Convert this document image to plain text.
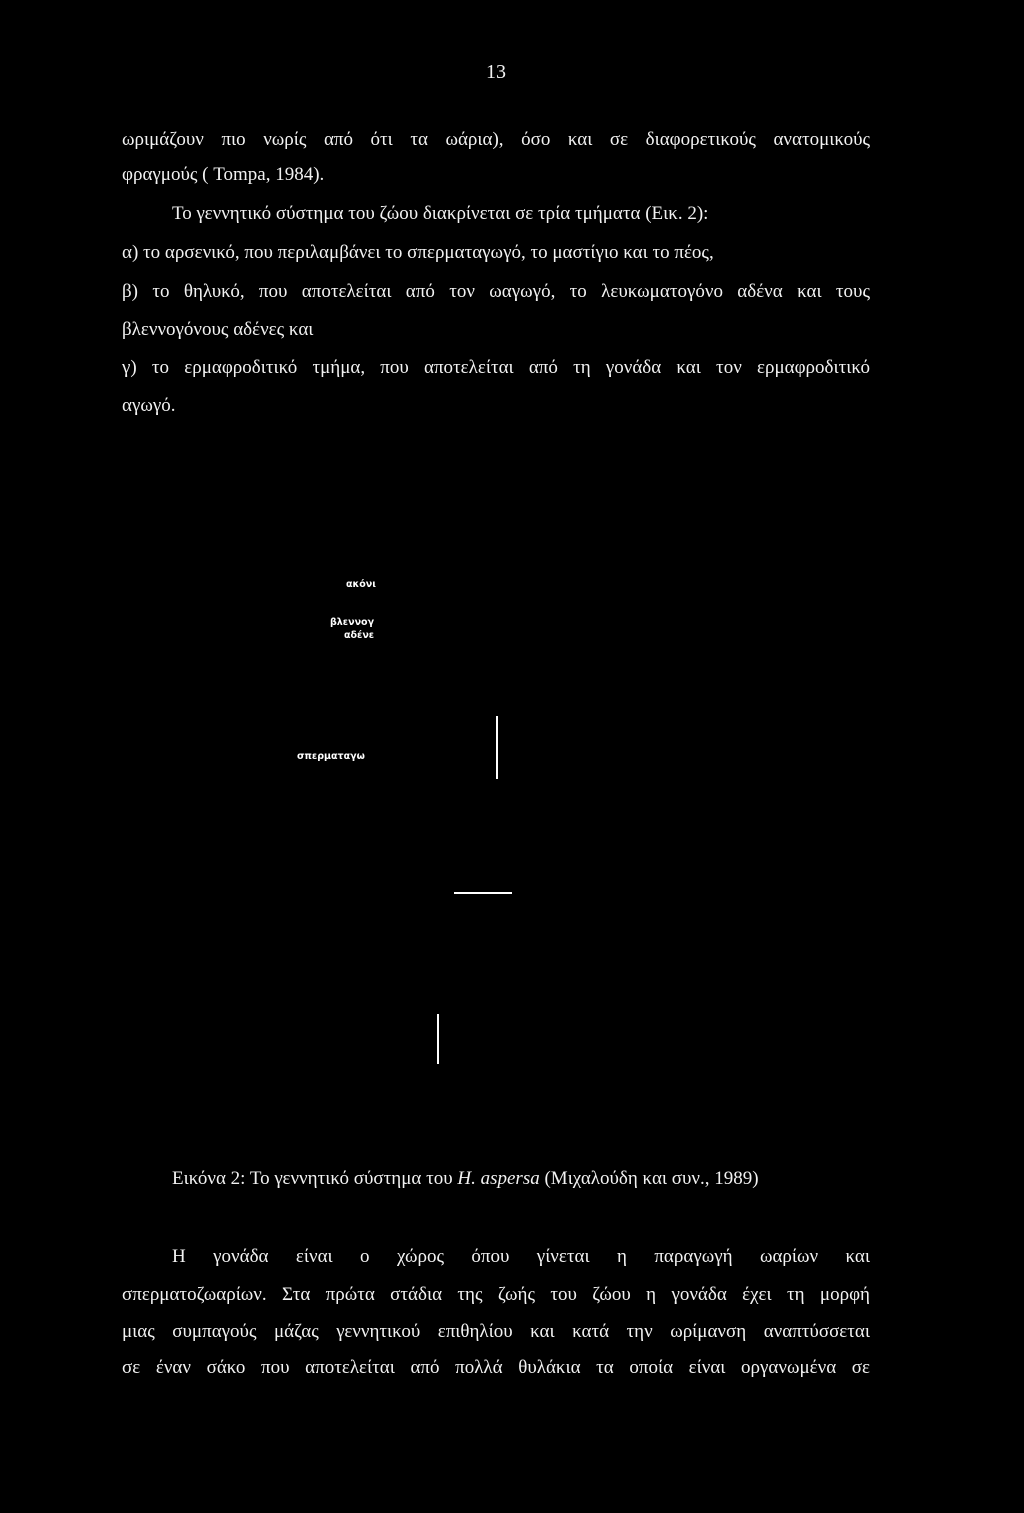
13
ωριμάζουν πιο νωρίς από ότι τα ωάρια), όσο και σε διαφορετικούς ανατομικούς
φραγμούς ( Tompa, 1984).
Το γεννητικό σύστημα του ζώου διακρίνεται σε τρία τμήματα (Εικ. 2):
α) το αρσενικό, που περιλαμβάνει το σπερματαγωγό, το μαστίγιο και το πέος,
β) το θηλυκό, που αποτελείται από τον ωαγωγό, το λευκωματογόνο αδένα και τους
βλεννογόνους αδένες και
γ) το ερμαφροδιτικό τμήμα, που αποτελείται από τη γονάδα και τον ερμαφροδιτικό
αγωγό.
ακόνι
βλεννογ
αδένε
σπερματαγω
Εικόνα 2: Το γεννητικό σύστημα του H. aspersa (Μιχαλούδη και συν., 1989)
Η γονάδα είναι ο χώρος όπου γίνεται η παραγωγή ωαρίων και
σπερματοζωαρίων. Στα πρώτα στάδια της ζωής του ζώου η γονάδα έχει τη μορφή
μιας συμπαγούς μάζας γεννητικού επιθηλίου και κατά την ωρίμανση αναπτύσσεται
σε έναν σάκο που αποτελείται από πολλά θυλάκια τα οποία είναι οργανωμένα σε
